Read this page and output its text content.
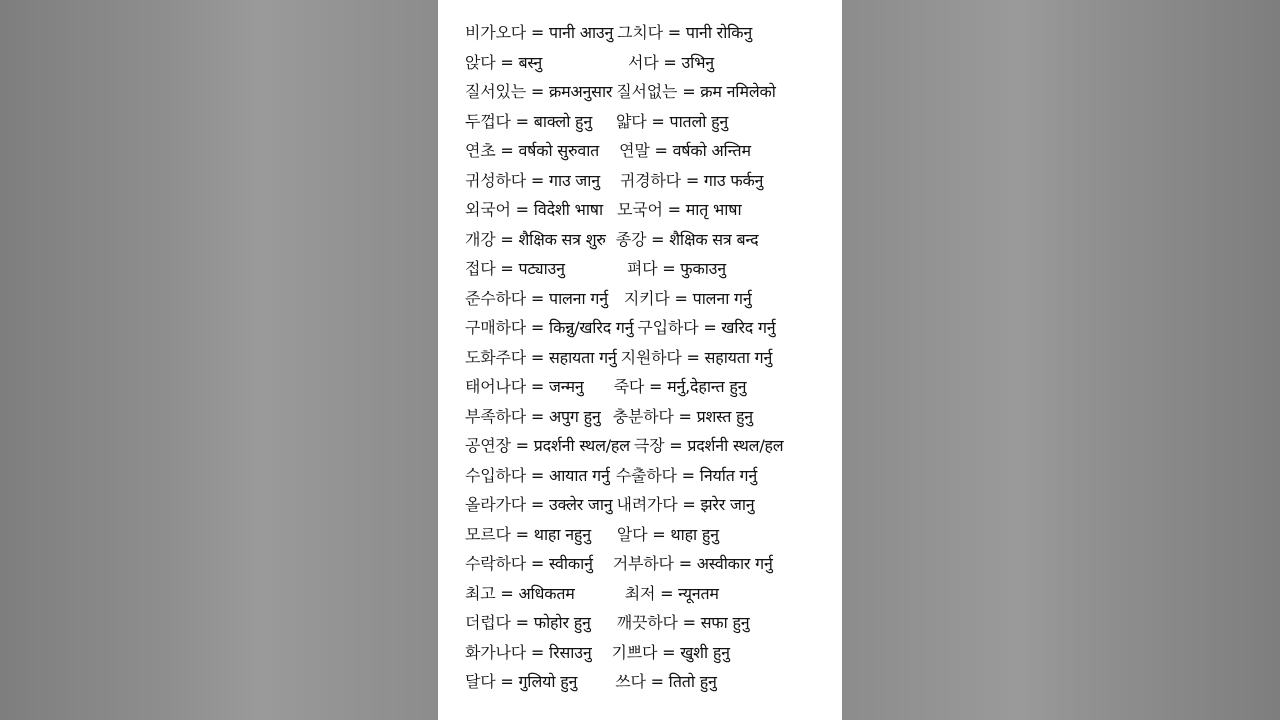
비가오다 = पानी आउनु 그치다 = पानी रोकिनु
앉다 = बस्नु	서다 = उभिनु
질서있는 = क्रमअनुसार 질서없는 = क्रम नमिलेको
두껍다 = बाक्लो हुनु 얇다 = पातलो हुनु
연초 = वर्षको सुरुवात 연말 = वर्षको अन्तिम
귀성하다 = गाउ जानु 귀경하다 = गाउ फर्कनु
외국어 = विदेशी भाषा 모국어 = मातृ भाषा
개강 = शैक्षिक सत्र शुरु 종강 = शैक्षिक सत्र बन्द
접다 = पट्याउनु	펴다 = फुकाउनु
준수하다 = पालना गर्नु 지키다 = पालना गर्नु
구매하다 = किन्नु/खरिद गर्नु 구입하다 = खरिद गर्नु
도화주다 = सहायता गर्नु 지원하다 = सहायता गर्नु
태어나다 = जन्मनु 죽다 = मर्नु,देहान्त हुनु
부족하다 = अपुग हुनु 충분하다 = प्रशस्त हुनु
공연장 = प्रदर्शनी स्थल/हल 극장 = प्रदर्शनी स्थल/हल
수입하다 = आयात गर्नु 수출하다 = निर्यात गर्नु
올라가다 = उक्लेर जानु 내려가다 = झरेर जानु
모르다 = थाहा नहुनु 알다 = थाहा हुनु
수락하다 = स्वीकार्नु 거부하다 = अस्वीकार गर्नु
최고 = अधिकतम	최저 = न्यूनतम
더럽다 = फोहोर हुनु 깨끗하다 = सफा हुनु
화가나다 = रिसाउनु 기쁘다 = खुशी हुनु
달다 = गुलियो हुनु 쓰다 = तितो हुनु
